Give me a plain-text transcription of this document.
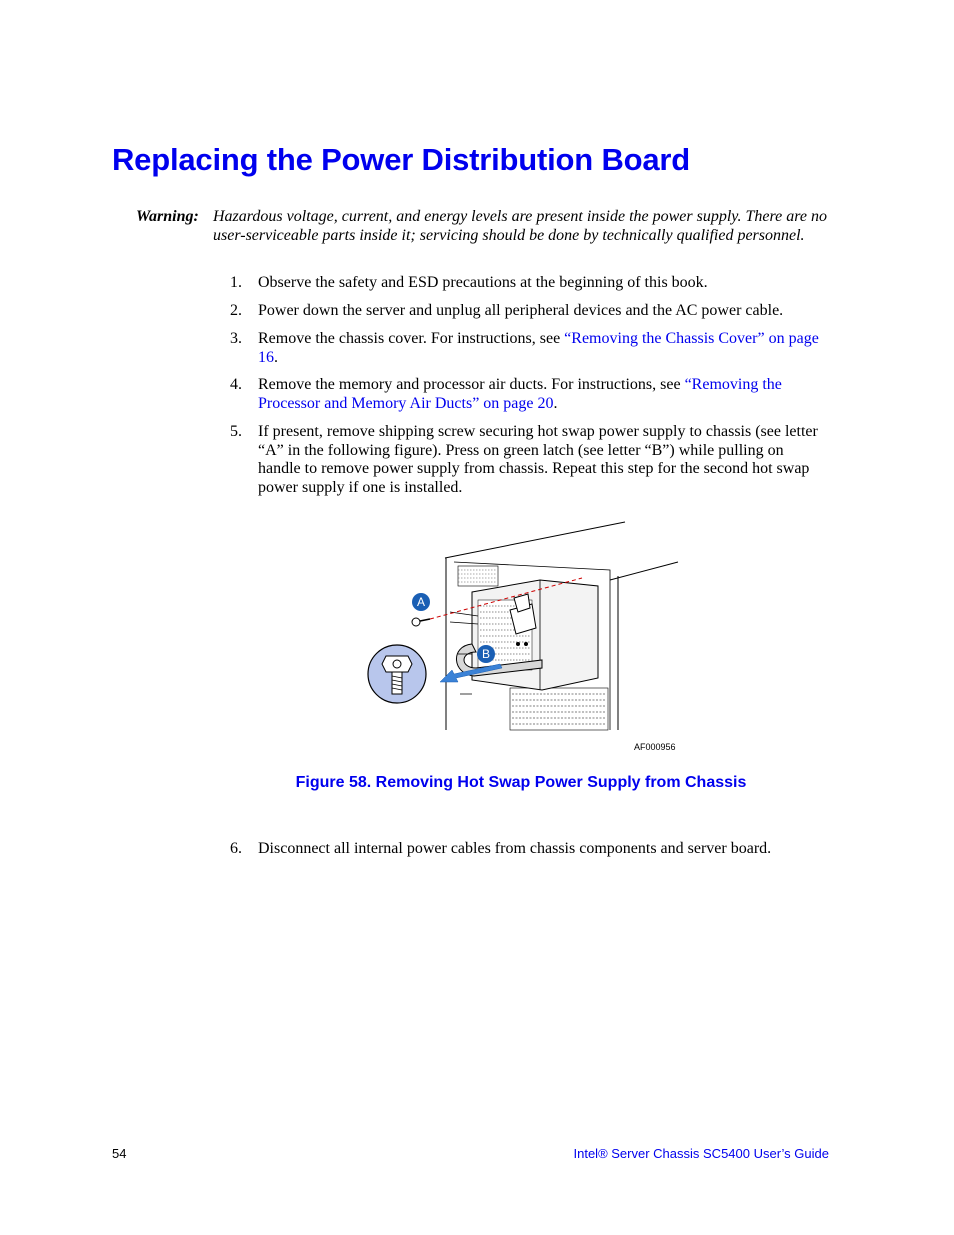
Replacing the Power Distribution Board
Warning: Hazardous voltage, current, and energy levels are present inside the power supply. There are no user-serviceable parts inside it; servicing should be done by technically qualified personnel.
1. Observe the safety and ESD precautions at the beginning of this book.
2. Power down the server and unplug all peripheral devices and the AC power cable.
3. Remove the chassis cover. For instructions, see “Removing the Chassis Cover” on page 16.
4. Remove the memory and processor air ducts. For instructions, see “Removing the Processor and Memory Air Ducts” on page 20.
5. If present, remove shipping screw securing hot swap power supply to chassis (see letter “A” in the following figure). Press on green latch (see letter “B”) while pulling on handle to remove power supply from chassis. Repeat this step for the second hot swap power supply if one is installed.
A
B
AF000956
Figure 58. Removing Hot Swap Power Supply from Chassis
6. Disconnect all internal power cables from chassis components and server board.
54	Intel® Server Chassis SC5400 User’s Guide
